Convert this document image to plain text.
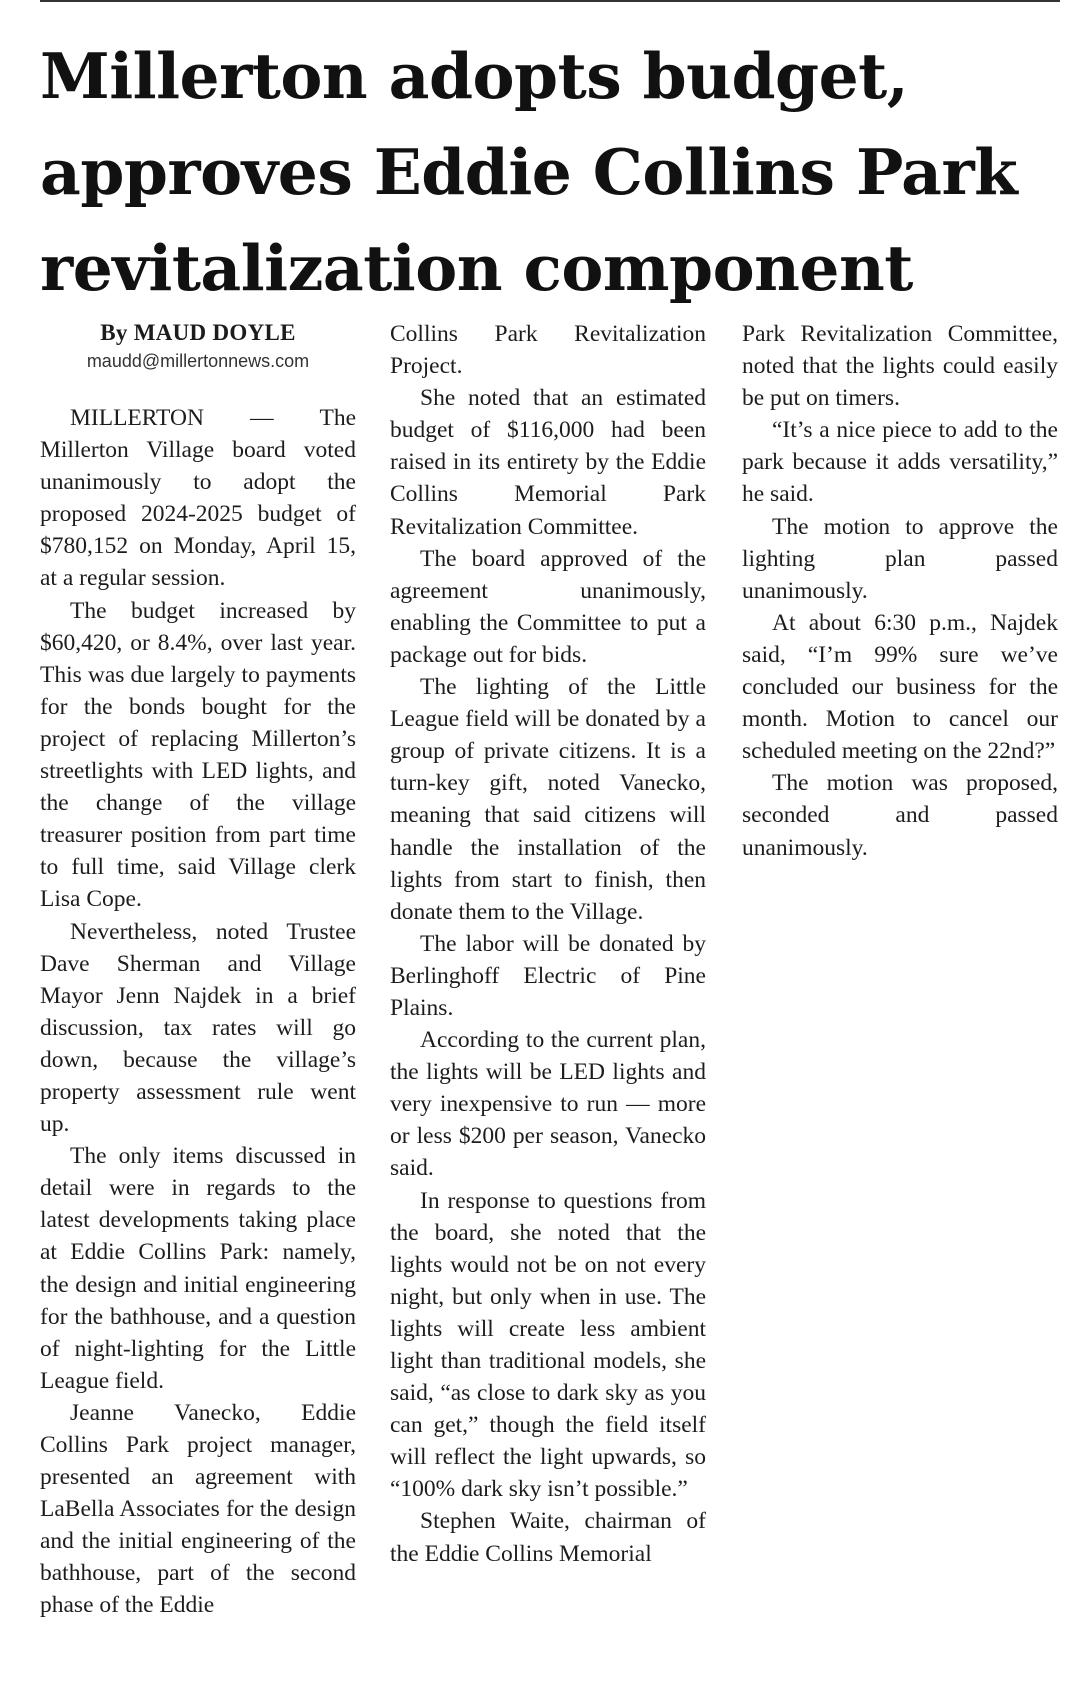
Millerton adopts budget,
approves Eddie Collins Park
revitalization component
By MAUD DOYLE
maudd@millertonnews.com

MILLERTON — The Millerton Village board voted unanimously to adopt the proposed 2024-2025 budget of $780,152 on Monday, April 15, at a regular session.

The budget increased by $60,420, or 8.4%, over last year. This was due largely to payments for the bonds bought for the project of replacing Millerton’s streetlights with LED lights, and the change of the village treasurer position from part time to full time, said Village clerk Lisa Cope.

Nevertheless, noted Trustee Dave Sherman and Village Mayor Jenn Najdek in a brief discussion, tax rates will go down, because the village’s property assessment rule went up.

The only items discussed in detail were in regards to the latest developments taking place at Eddie Collins Park: namely, the design and initial engineering for the bathhouse, and a question of night-lighting for the Little League field.

Jeanne Vanecko, Eddie Collins Park project manager, presented an agreement with LaBella Associates for the design and the initial engineering of the bathhouse, part of the second phase of the Eddie

Collins Park Revitalization Project.

She noted that an estimated budget of $116,000 had been raised in its entirety by the Eddie Collins Memorial Park Revitalization Committee.

The board approved of the agreement unanimously, enabling the Committee to put a package out for bids.

The lighting of the Little League field will be donated by a group of private citizens. It is a turn-key gift, noted Vanecko, meaning that said citizens will handle the installation of the lights from start to finish, then donate them to the Village.

The labor will be donated by Berlinghoff Electric of Pine Plains.

According to the current plan, the lights will be LED lights and very inexpensive to run — more or less $200 per season, Vanecko said.

In response to questions from the board, she noted that the lights would not be on not every night, but only when in use. The lights will create less ambient light than traditional models, she said, “as close to dark sky as you can get,” though the field itself will reflect the light upwards, so “100% dark sky isn’t possible.”

Stephen Waite, chairman of the Eddie Collins Memorial

Park Revitalization Committee, noted that the lights could easily be put on timers.

“It’s a nice piece to add to the park because it adds versatility,” he said.

The motion to approve the lighting plan passed unanimously.

At about 6:30 p.m., Najdek said, “I’m 99% sure we’ve concluded our business for the month. Motion to cancel our scheduled meeting on the 22nd?”

The motion was proposed, seconded and passed unanimously.
